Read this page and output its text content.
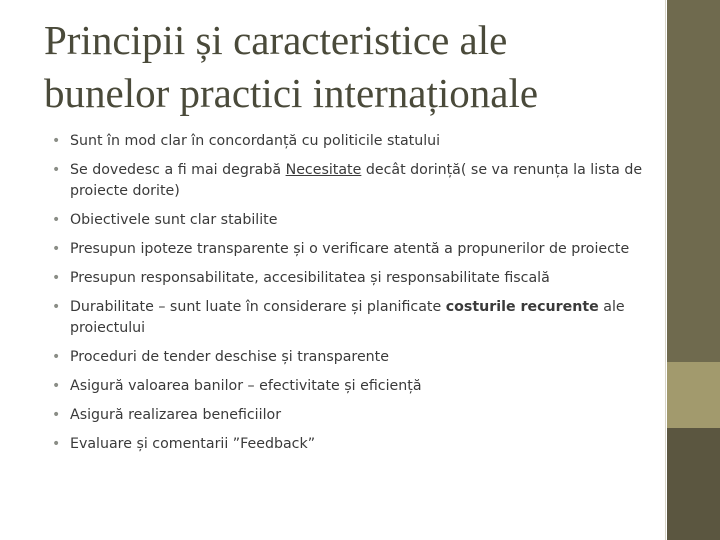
Principii și caracteristice ale
bunelor practici internaționale
• Sunt în mod clar în concordanță cu politicile statului
• Se dovedesc a fi mai degrabă Necesitate decât dorință( se va renunța la lista de proiecte dorite)
• Obiectivele sunt clar stabilite
• Presupun ipoteze transparente și o verificare atentă a propunerilor de proiecte
• Presupun responsabilitate, accesibilitatea și responsabilitate fiscală
• Durabilitate – sunt luate în considerare și planificate costurile recurente ale proiectului
• Proceduri de tender deschise și transparente
• Asigură valoarea banilor – efectivitate și eficiență
• Asigură realizarea beneficiilor
• Evaluare și comentarii ”Feedback”
